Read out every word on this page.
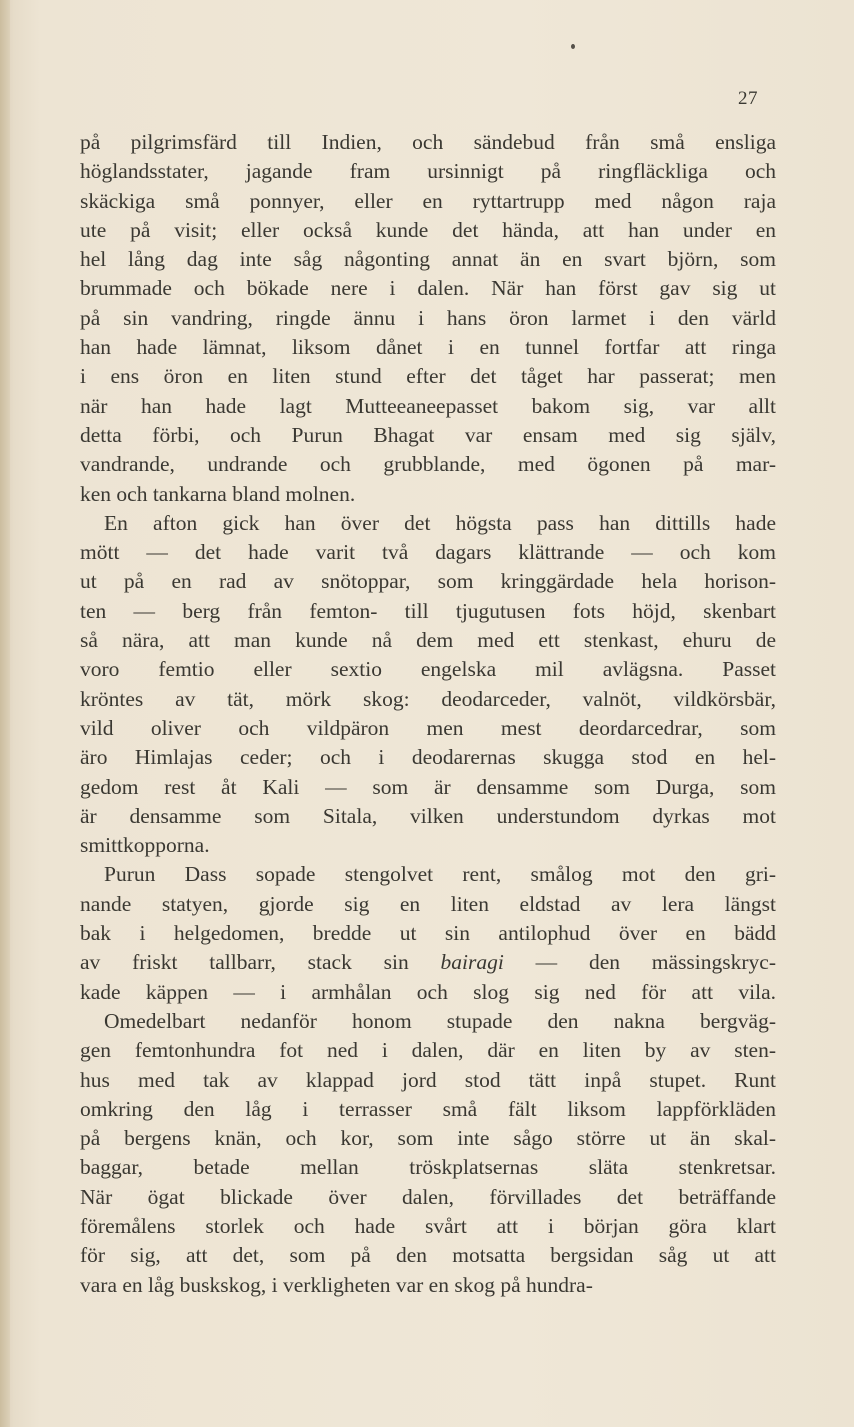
27
på pilgrimsfärd till Indien, och sändebud från små ensliga
höglandsstater, jagande fram ursinnigt på ringfläckliga och
skäckiga små ponnyer, eller en ryttartrupp med någon raja
ute på visit; eller också kunde det hända, att han under en
hel lång dag inte såg någonting annat än en svart björn, som
brummade och bökade nere i dalen. När han först gav sig ut
på sin vandring, ringde ännu i hans öron larmet i den värld
han hade lämnat, liksom dånet i en tunnel fortfar att ringa
i ens öron en liten stund efter det tåget har passerat; men
när han hade lagt Mutteeaneepasset bakom sig, var allt
detta förbi, och Purun Bhagat var ensam med sig själv,
vandrande, undrande och grubblande, med ögonen på mar-
ken och tankarna bland molnen.
En afton gick han över det högsta pass han dittills hade
mött — det hade varit två dagars klättrande — och kom
ut på en rad av snötoppar, som kringgärdade hela horison-
ten — berg från femton- till tjugutusen fots höjd, skenbart
så nära, att man kunde nå dem med ett stenkast, ehuru de
voro femtio eller sextio engelska mil avlägsna. Passet
kröntes av tät, mörk skog: deodarceder, valnöt, vildkörsbär,
vild oliver och vildpäron men mest deordarcedrar, som
äro Himlajas ceder; och i deodarernas skugga stod en hel-
gedom rest åt Kali — som är densamme som Durga, som
är densamme som Sitala, vilken understundom dyrkas mot
smittkopporna.
Purun Dass sopade stengolvet rent, smålog mot den gri-
nande statyen, gjorde sig en liten eldstad av lera längst
bak i helgedomen, bredde ut sin antilophud över en bädd
av friskt tallbarr, stack sin bairagi — den mässingskryc-
kade käppen — i armhålan och slog sig ned för att vila.
Omedelbart nedanför honom stupade den nakna bergväg-
gen femtonhundra fot ned i dalen, där en liten by av sten-
hus med tak av klappad jord stod tätt inpå stupet. Runt
omkring den låg i terrasser små fält liksom lappförkläden
på bergens knän, och kor, som inte sågo större ut än skal-
baggar, betade mellan tröskplatsernas släta stenkretsar.
När ögat blickade över dalen, förvillades det beträffande
föremålens storlek och hade svårt att i början göra klart
för sig, att det, som på den motsatta bergsidan såg ut att
vara en låg buskskog, i verkligheten var en skog på hundra-
